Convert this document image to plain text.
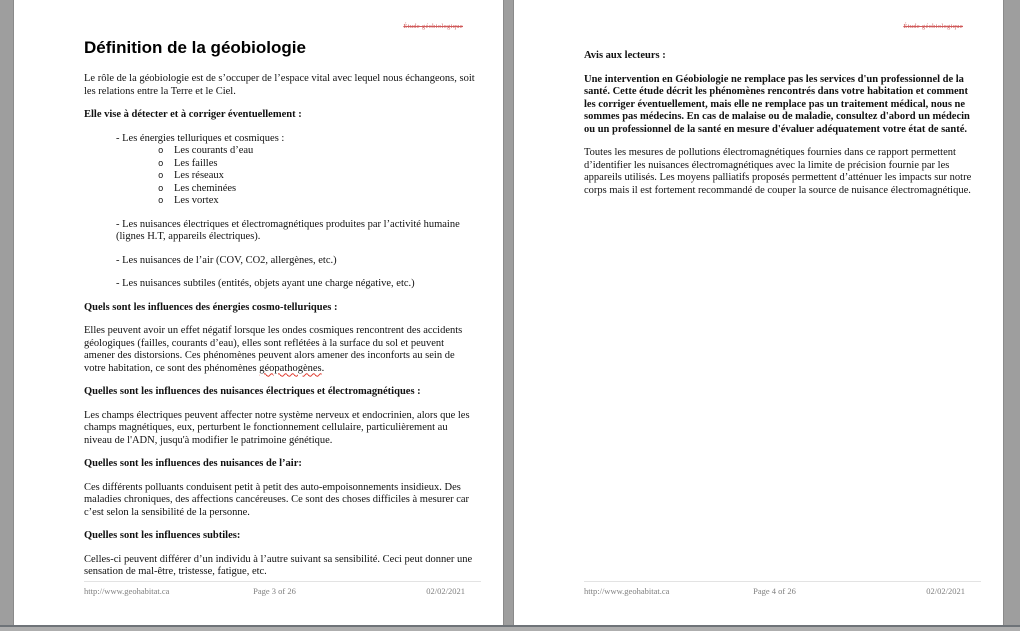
Étude géobiologique
Définition de la géobiologie
Le rôle de la géobiologie est de s’occuper de l’espace vital avec lequel nous échangeons, soit les relations entre la Terre et le Ciel.
Elle vise à détecter et à corriger éventuellement :
- Les énergies telluriques et cosmiques :
o	Les courants d’eau
o	Les failles
o	Les réseaux
o	Les cheminées
o	Les vortex
- Les nuisances électriques et électromagnétiques produites par l’activité humaine (lignes H.T, appareils électriques).
- Les nuisances de l’air (COV, CO2, allergènes, etc.)
- Les nuisances subtiles (entités, objets ayant une charge négative, etc.)
Quels sont les influences des énergies cosmo-telluriques :
Elles peuvent avoir un effet négatif lorsque les ondes cosmiques rencontrent des accidents géologiques (failles, courants d’eau), elles sont reflétées à la surface du sol et peuvent amener des distorsions. Ces phénomènes peuvent alors amener des inconforts au sein de votre habitation, ce sont des phénomènes géopathogènes.
Quelles sont les influences des nuisances électriques et électromagnétiques :
Les champs électriques peuvent affecter notre système nerveux et endocrinien, alors que les champs magnétiques, eux, perturbent le fonctionnement cellulaire, particulièrement au niveau de l'ADN, jusqu'à modifier le patrimoine génétique.
Quelles sont les influences des nuisances de l’air:
Ces différents polluants conduisent petit à petit des auto-empoisonnements insidieux. Des maladies chroniques, des affections cancéreuses. Ce sont des choses difficiles à mesurer car c’est selon la sensibilité de la personne.
Quelles sont les influences subtiles:
Celles-ci peuvent différer d’un individu à l’autre suivant sa sensibilité. Ceci peut donner une sensation de mal-être, tristesse, fatigue, etc.
http://www.geohabitat.ca	Page 3 of 26	02/02/2021
Étude géobiologique
Avis aux lecteurs :
Une intervention en Géobiologie ne remplace pas les services d'un professionnel de la santé. Cette étude décrit les phénomènes rencontrés dans votre habitation et comment les corriger éventuellement, mais elle ne remplace pas un traitement médical, nous ne sommes pas médecins. En cas de malaise ou de maladie, consultez d'abord un médecin ou un professionnel de la santé en mesure d'évaluer adéquatement votre état de santé.
Toutes les mesures de pollutions électromagnétiques fournies dans ce rapport permettent d’identifier les nuisances électromagnétiques avec la limite de précision fournie par les appareils utilisés. Les moyens palliatifs proposés permettent d’atténuer les impacts sur notre corps mais il est fortement recommandé de couper la source de nuisance électromagnétique.
http://www.geohabitat.ca	Page 4 of 26	02/02/2021
